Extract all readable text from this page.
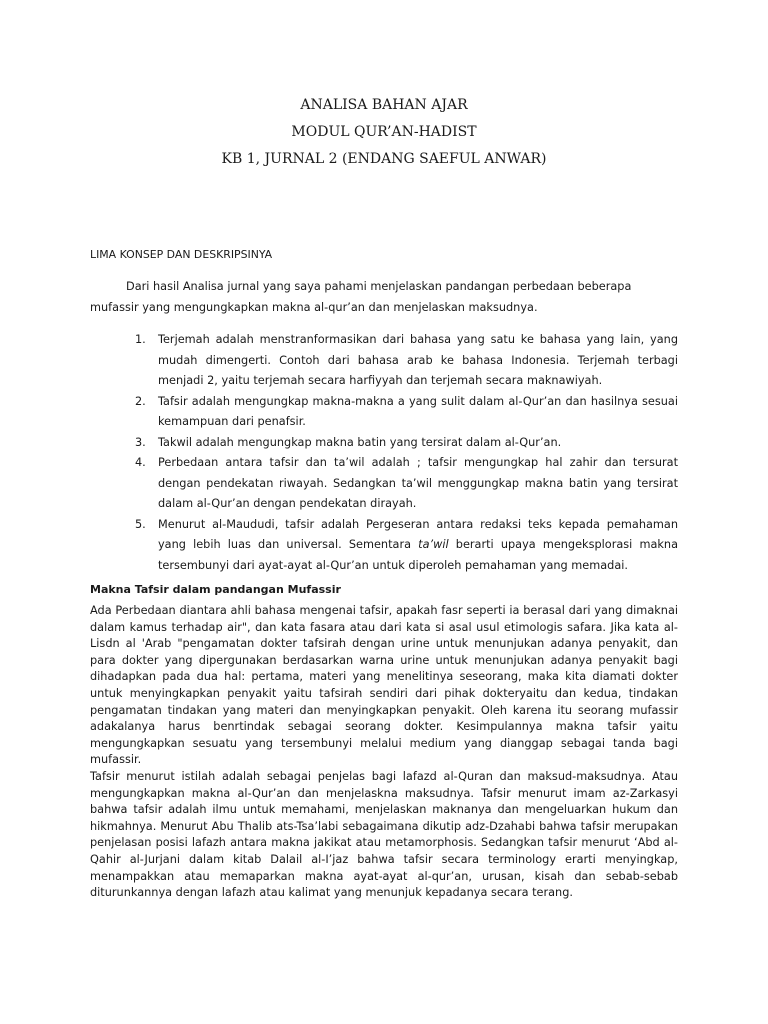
ANALISA BAHAN AJAR
MODUL QUR’AN-HADIST
KB 1, JURNAL 2 (ENDANG SAEFUL ANWAR)
LIMA KONSEP DAN DESKRIPSINYA

Dari hasil Analisa jurnal yang saya pahami menjelaskan pandangan perbedaan beberapa mufassir yang mengungkapkan makna al-qur’an dan menjelaskan maksudnya.

1. Terjemah adalah menstranformasikan dari bahasa yang satu ke bahasa yang lain, yang mudah dimengerti. Contoh dari bahasa arab ke bahasa Indonesia. Terjemah terbagi menjadi 2, yaitu terjemah secara harfiyyah dan terjemah secara maknawiyah.
2. Tafsir adalah mengungkap makna-makna a yang sulit dalam al-Qur’an dan hasilnya sesuai kemampuan dari penafsir.
3. Takwil adalah mengungkap makna batin yang tersirat dalam al-Qur’an.
4. Perbedaan antara tafsir dan ta’wil adalah ; tafsir mengungkap hal zahir dan tersurat dengan pendekatan riwayah. Sedangkan ta’wil menggungkap makna batin yang tersirat dalam al-Qur’an dengan pendekatan dirayah.
5. Menurut al-Maududi, tafsir adalah Pergeseran antara redaksi teks kepada pemahaman yang lebih luas dan universal. Sementara ta’wil berarti upaya mengeksplorasi makna tersembunyi dari ayat-ayat al-Qur’an untuk diperoleh pemahaman yang memadai.
Makna Tafsir dalam pandangan Mufassir

Ada Perbedaan diantara ahli bahasa mengenai tafsir, apakah fasr seperti ia berasal dari yang dimaknai dalam kamus terhadap air", dan kata fasara atau dari kata si asal usul etimologis safara. Jika kata al-Lisdn al 'Arab "pengamatan dokter tafsirah dengan urine untuk menunjukan adanya penyakit, dan para dokter yang dipergunakan berdasarkan warna urine untuk menunjukan adanya penyakit bagi dihadapkan pada dua hal: pertama, materi yang menelitinya seseorang, maka kita diamati dokter untuk menyingkapkan penyakit yaitu tafsirah sendiri dari pihak dokteryaitu dan kedua, tindakan pengamatan tindakan yang materi dan menyingkapkan penyakit. Oleh karena itu seorang mufassir adakalanya harus benrtindak sebagai seorang dokter. Kesimpulannya makna tafsir yaitu mengungkapkan sesuatu yang tersembunyi melalui medium yang dianggap sebagai tanda bagi mufassir.

Tafsir menurut istilah adalah sebagai penjelas bagi lafazd al-Quran dan maksud-maksudnya. Atau mengungkapkan makna al-Qur’an dan menjelaskna maksudnya. Tafsir menurut imam az-Zarkasyi bahwa tafsir adalah ilmu untuk memahami, menjelaskan maknanya dan mengeluarkan hukum dan hikmahnya. Menurut Abu Thalib ats-Tsa’labi sebagaimana dikutip adz-Dzahabi bahwa tafsir merupakan penjelasan posisi lafazh antara makna jakikat atau metamorphosis. Sedangkan tafsir menurut ‘Abd al- Qahir al-Jurjani dalam kitab Dalail al-I’jaz bahwa tafsir secara terminology erarti menyingkap, menampakkan atau memaparkan makna ayat-ayat al-qur’an, urusan, kisah dan sebab-sebab diturunkannya dengan lafazh atau kalimat yang menunjuk kepadanya secara terang.
